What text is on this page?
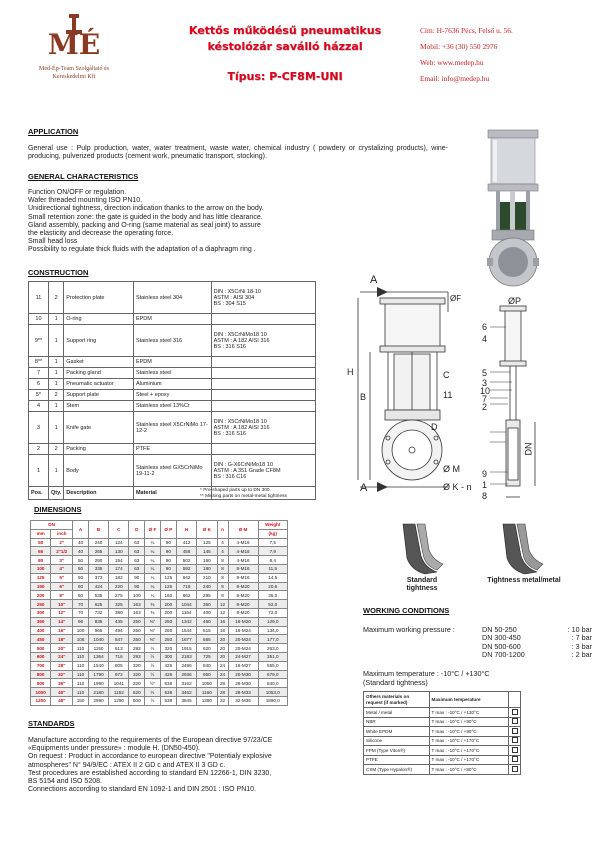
MÉ
Med-Ép-Team Szolgáltató és
Kereskedelmi Kft
Kettős működésű pneumatikus
késtolózár saválló házzal
Típus: P-CF8M-UNI
Cím: H-7636 Pécs, Felső u. 56.
Mobil: +36 (30) 550 2976
Web: www.medep.hu
Email: info@medep.hu
APPLICATION
General use : Pulp production, water, water treatment, waste water, chemical industry ( powdery or crystalizing products), wine-producing, pulverized products (cement work, pneumatic transport, stocking).
GENERAL CHARACTERISTICS
Function ON/OFF or regulation.
Wafer threaded mounting ISO PN10.
Unidirectional tightness, direction indication thanks to the arrow on the body.
Small retention zone: the gate is guided in the body and has little clearance.
Gland assembly, packing and O-ring (same material as seal joint) to assure
the elasticity and decrease the operating force.
Small head loss
Possibility to regulate thick fluids with the adaptation of a diaphragm ring .
CONSTRUCTION
11	2	Protection plate	Stainless steel 304	DIN : X5CrNi 18-10
ASTM : AISI 304
BS : 304 S15

10	1	O-ring	EPDM	
9**	1	Support ring	Stainless steel 316	DIN : X5CrNiMo18 10
ASTM : A 182 AISI 316
BS : 316 S16

8**	1	Gasket	EPDM	
7	1	Packing gland	Stainless steel	
6	1	Pneumatic actuator	Aluminium	
5*	2	Support plate	Steel + epoxy	
4	1	Stem	Stainless steel 13%Cr	
3	1	Knife gate	Stainless steel X5CrNiMo 17-12-2	DIN : X5CrNiMo18 10
ASTM : A 182 AISI 316
BS : 316 S16

2	2	Packing	PTFE	
1	1	Body	Stainless steel GX5CrNiMo 19-11-2	DIN : G-X6CrNiMo18 10
ASTM : A 351 Grade CF8M
BS : 316 C16

Pos.	Qty.	Description	Material		* Pre-shaped parts up to DN 300.
** Missing parts on metal-metal tightness
A
H
B
C
11
ØF	ØP
Ø M
Ø K - n
D
DN
A
6
4
5
3
10
7
2
9
1
8
DIMENSIONS
DN		A	B	C	D	Ø F	Ø P	H	Ø K	n	Ø M	Weight
mm	inch											(kg)
50	2"	40	240	124	63	¼	90	412	125	4	4-M16	7,5
65	2"1/2	40	265	130	63	¼	90	456	145	4	4-M16	7,9
80	3"	50	290	154	63	¼	90	502	160	8	4-M16	8,4
100	4"	50	335	174	63	¼	90	592	180	8	8-M16	11,5
125	5"	50	373	182	90	¼	125	642	210	8	8-M16	14,5
150	6"	60	424	220	90	¼	125	718	240	8	8-M20	20,6
200	8"	60	535	275	100	¼	160	862	295	8	8-M20	35,0
250	10"	70	625	325	163	⅜	200	1044	350	12	8-M20	52,0
300	12"	70	732	380	163	⅜	200	1164	400	12	8-M20	72,0
350	14"	96	835	435	250	⅜"	250	1342	460	16	16-M20	129,0
400	16"	100	965	494	250	⅜"	250	1544	515	16	16-M24	134,0
450	18"	106	1040	547	250	⅜"	250	1677	565	20	20-M24	177,0
500	20"	110	1150	613	293	½	320	1915	620	20	20-M24	263,0
600	24"	110	1364	716	293	½	300	2183	725	20	24-M27	351,0
700	28"	110	1540	805	320	½	426	2486	840	24	16-M27	555,0
800	32"	110	1790	972	320	½	426	2936	950	24	20-M30	679,0
900	36"	110	1990	1041	320	½"	538	3162	1050	28	28-M30	840,0
1000	40"	110	2180	1152	520	½	538	3462	1160	28	28-M33	1053,0
1200	48"	150	2590	1290	600	½	538	3845	1380	32	32-M36	1890,0
Standard tightness
Tightness metal/metal
WORKING CONDITIONS
Maximum working pressure :	DN 50-250	: 10 bar
DN 300-450	: 7 bar
DN 500-600	: 3 bar
DN 700-1200	: 2 bar
Maximum temperature : -10°C / +130°C
(Standard tightness)
Others materials on request (if marked)	Maximum temperature	
Metal / metal	T max : -10°C / +130°C	
NBR	T max : -10°C / +90°C	
White EPDM	T max : -10°C / +90°C	
Silicone	T max : -10°C / +170°C	
FPM (Type Viton®)	T max : -10°C / +170°C	
PTFE	T max : -10°C / +170°C	
CSM (Type Hypalon®)	T max : -10°C / +80°C	
STANDARDS
Manufacture according to the requirements of the European directive 97/23/CE
«Equipments under pressure» : module H. (DN50-450).
On request : Product in accordance to european directive "Potentialy explosive
atmospheres" N° 94/9/EC : ATEX II 2 GD c and ATEX II 3 GD c.
Test procedures are established according to standard EN 12266-1, DIN 3230,
BS 5154 and ISO 5208.
Connections according to standard EN 1092-1 and DIN 2501 : ISO PN10.
